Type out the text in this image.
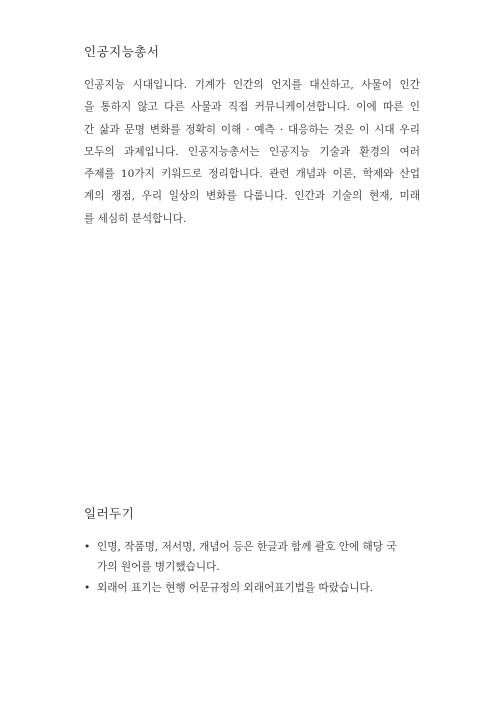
인공지능총서

인공지능 시대입니다. 기계가 인간의 언지를 대신하고, 사물이 인간
을 통하지 않고 다른 사물과 직접 커뮤니케이션합니다. 이에 따른 인
간 삶과 문명 변화를 정확히 이해 · 예측 · 대응하는 것은 이 시대 우리
모두의 과제입니다. 인공지능총서는 인공지능 기술과 환경의 여러
주제를 10가지 키워드로 정리합니다. 관련 개념과 이론, 학제와 산업
계의 쟁점, 우리 일상의 변화를 다룹니다. 인간과 기술의 현재, 미래
를 세심히 분석합니다.

일러두기
• 인명, 작품명, 저서명, 개념어 등은 한글과 함께 괄호 안에 해당 국
가의 원어를 병기했습니다.
• 외래어 표기는 현행 어문규정의 외래어표기법을 따랐습니다.
